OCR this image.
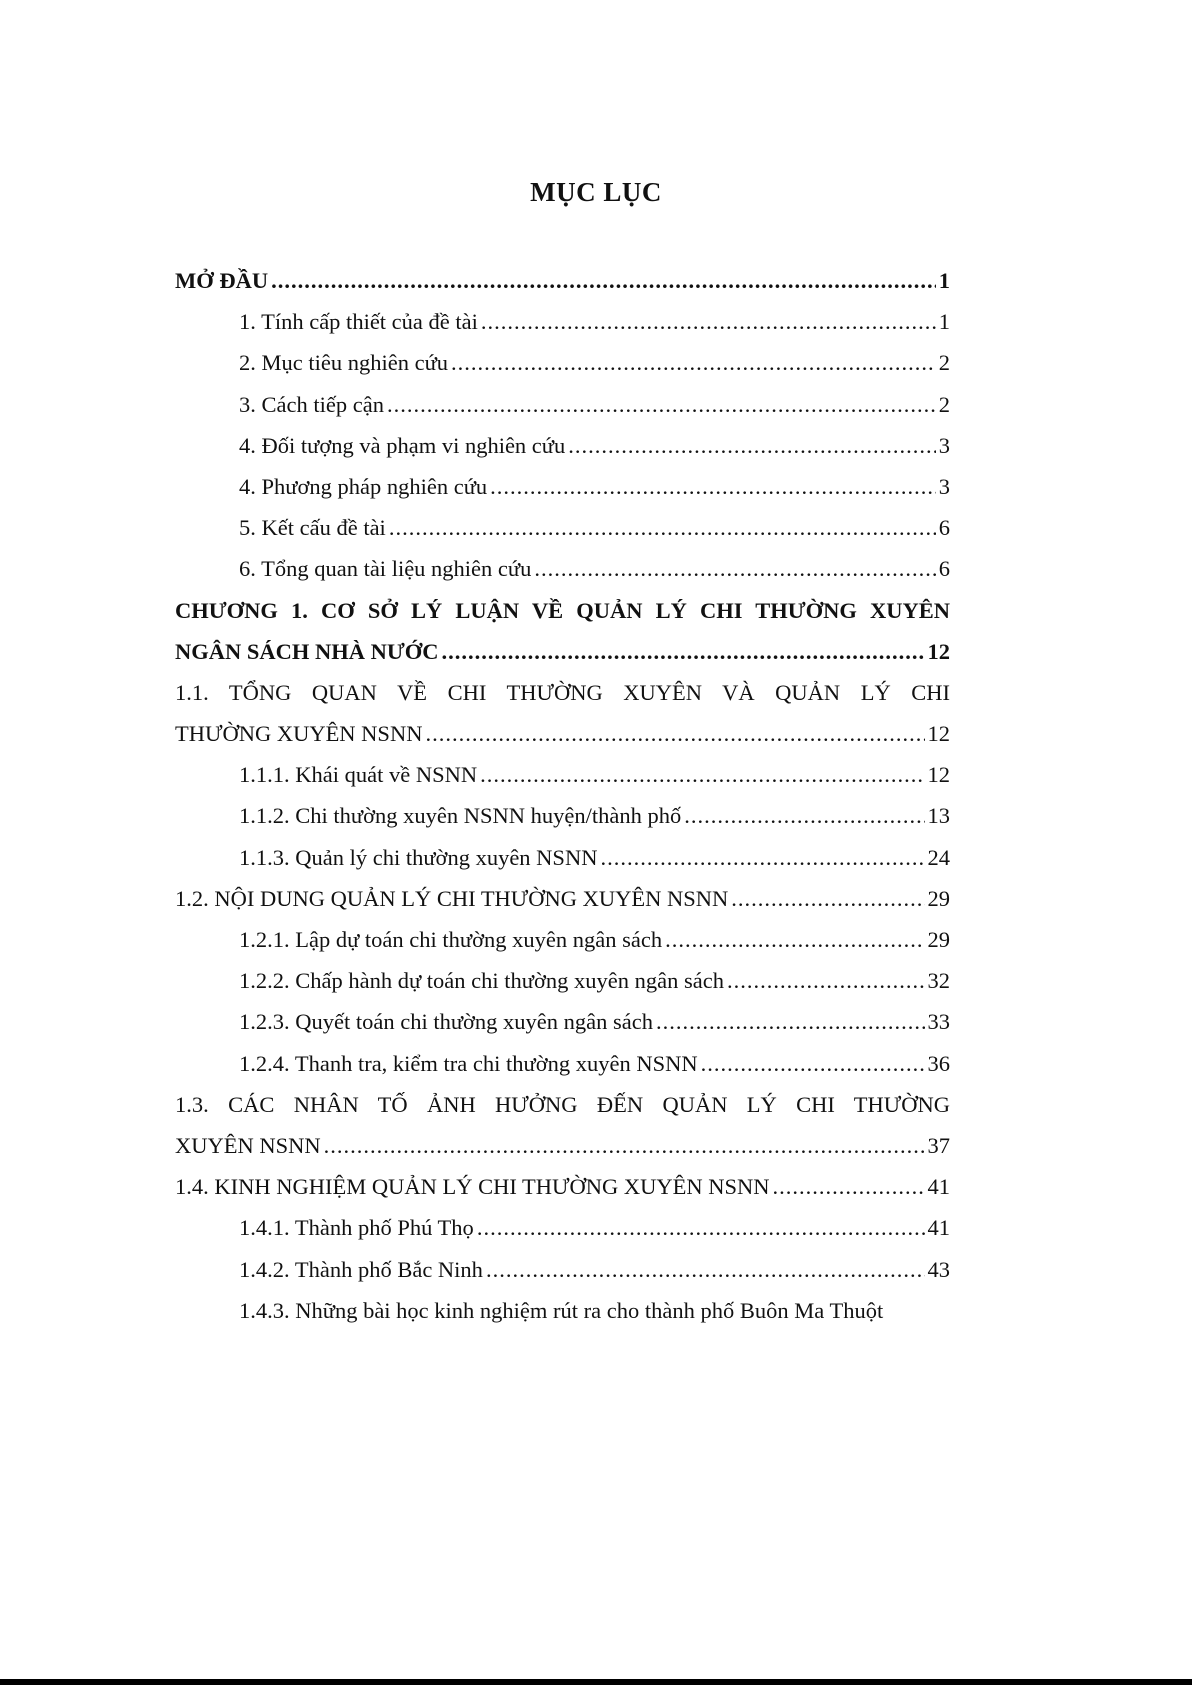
MỤC LỤC
MỞ ĐẦU .....	1
1. Tính cấp thiết của đề tài .....	1
2. Mục tiêu nghiên cứu .....	2
3. Cách tiếp cận .....	2
4. Đối tượng và phạm vi nghiên cứu .....	3
4. Phương pháp nghiên cứu .....	3
5. Kết cấu đề tài .....	6
6. Tổng quan tài liệu nghiên cứu .....	6
CHƯƠNG 1. CƠ SỞ LÝ LUẬN VỀ QUẢN LÝ CHI THƯỜNG XUYÊN
NGÂN SÁCH NHÀ NƯỚC .....	12
1.1. TỔNG QUAN VỀ CHI THƯỜNG XUYÊN VÀ QUẢN LÝ CHI
THƯỜNG XUYÊN NSNN .....	12
1.1.1. Khái quát về NSNN .....	12
1.1.2. Chi thường xuyên NSNN huyện/thành phố .....	13
1.1.3. Quản lý chi thường xuyên NSNN .....	24
1.2. NỘI DUNG QUẢN LÝ CHI THƯỜNG XUYÊN NSNN .....	29
1.2.1. Lập dự toán chi thường xuyên ngân sách .....	29
1.2.2. Chấp hành dự toán chi thường xuyên ngân sách .....	32
1.2.3. Quyết toán chi thường xuyên ngân sách .....	33
1.2.4. Thanh tra, kiểm tra chi thường xuyên NSNN .....	36
1.3. CÁC NHÂN TỐ ẢNH HƯỞNG ĐẾN QUẢN LÝ CHI THƯỜNG
XUYÊN NSNN .....	37
1.4. KINH NGHIỆM QUẢN LÝ CHI THƯỜNG XUYÊN NSNN .....	41
1.4.1. Thành phố Phú Thọ .....	41
1.4.2. Thành phố Bắc Ninh .....	43
1.4.3. Những bài học kinh nghiệm rút ra cho thành phố Buôn Ma Thuột
